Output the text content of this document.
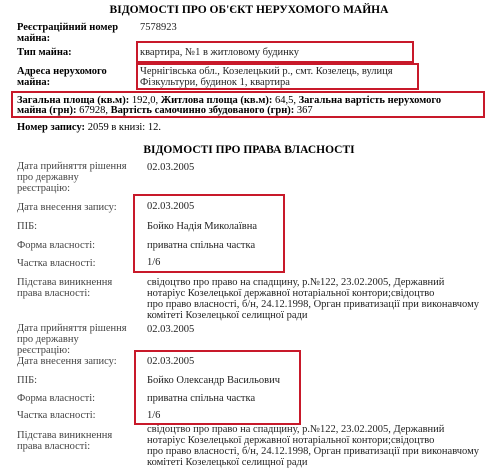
ВІДОМОСТІ ПРО ОБ'ЄКТ НЕРУХОМОГО МАЙНА
Реєстраційний номер
майна:
7578923
Тип майна:	квартира, №1 в житловому будинку
Адреса нерухомого
майна:
Чернігівська обл., Козелецький р., смт. Козелець, вулиця
Фізкультури, будинок 1, квартира
Загальна площа (кв.м): 192,0, Житлова площа (кв.м): 64,5, Загальна вартість нерухомого
майна (грн): 67928, Вартість самочинно збудованого (грн): 367
Номер запису: 2059 в книзі: 12.
ВІДОМОСТІ ПРО ПРАВА ВЛАСНОСТІ
Дата прийняття рішення
про державну
реєстрацію:
02.03.2005
Дата внесення запису:	02.03.2005
ПІБ:	Бойко Надія Миколаївна
Форма власності:	приватна спільна частка
Частка власності:	1/6
Підстава виникнення
права власності:
свідоцтво про право на спадщину, р.№122, 23.02.2005, Державний
нотаріус Козелецької державної нотаріальної контори;свідоцтво
про право власності, б/н, 24.12.1998, Орган приватизації при виконавчому
комітеті Козелецької селищної ради
Дата прийняття рішення
про державну
реєстрацію:
02.03.2005
Дата внесення запису:	02.03.2005
ПІБ:	Бойко Олександр Васильович
Форма власності:	приватна спільна частка
Частка власності:	1/6
Підстава виникнення
права власності:
свідоцтво про право на спадщину, р.№122, 23.02.2005, Державний
нотаріус Козелецької державної нотаріальної контори;свідоцтво
про право власності, б/н, 24.12.1998, Орган приватизації при виконавчому
комітеті Козелецької селищної ради
